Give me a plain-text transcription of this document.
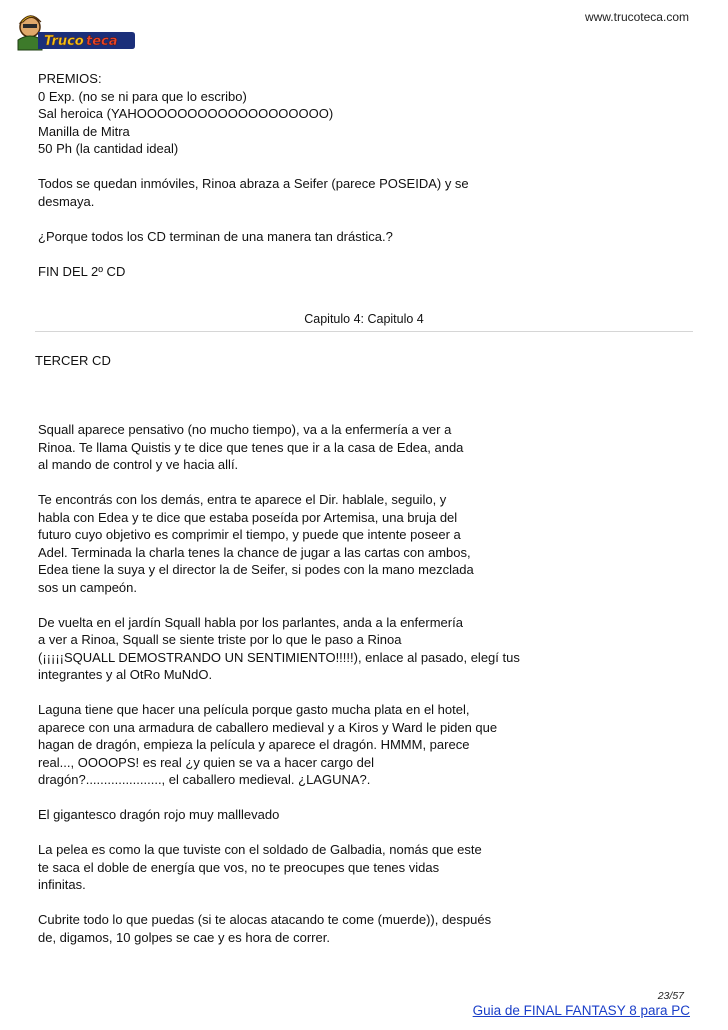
www.trucoteca.com
Truco teca
PREMIOS:
0 Exp. (no se ni para que lo escribo)
Sal heroica (YAHOOOOOOOOOOOOOOOOOOO)
Manilla de Mitra
50 Ph (la cantidad ideal)
Todos se quedan inmóviles, Rinoa abraza a Seifer (parece POSEIDA) y se
desmaya.
¿Porque todos los CD terminan de una manera tan drástica.?
FIN DEL 2º CD
Capitulo 4: Capitulo 4
TERCER CD
Squall aparece pensativo (no mucho tiempo), va a la enfermería a ver a
Rinoa. Te llama Quistis y te dice que tenes que ir a la casa de Edea, anda
al mando de control y ve hacia allí.
Te encontrás con los demás, entra te aparece el Dir. hablale, seguilo, y
habla con Edea y te dice que estaba poseída por Artemisa, una bruja del
futuro cuyo objetivo es comprimir el tiempo, y puede que intente poseer a
Adel. Terminada la charla tenes la chance de jugar a las cartas con ambos,
Edea tiene la suya y el director la de Seifer, si podes con la mano mezclada
sos un campeón.
De vuelta en el jardín Squall habla por los parlantes, anda a la enfermería
a ver a Rinoa, Squall se siente triste por lo que le paso a Rinoa
(¡¡¡¡¡SQUALL DEMOSTRANDO UN SENTIMIENTO!!!!!), enlace al pasado, elegí tus
integrantes y al OtRo MuNdO.
Laguna tiene que hacer una película porque gasto mucha plata en el hotel,
aparece con una armadura de caballero medieval y a Kiros y Ward le piden que
hagan de dragón, empieza la película y aparece el dragón. HMMM, parece
real..., OOOOPS! es real ¿y quien se va a hacer cargo del
dragón?....................., el caballero medieval. ¿LAGUNA?.
El gigantesco dragón rojo muy malllevado
La pelea es como la que tuviste con el soldado de Galbadia, nomás que este
te saca el doble de energía que vos, no te preocupes que tenes vidas
infinitas.
Cubrite todo lo que puedas (si te alocas atacando te come (muerde)), después
de, digamos, 10 golpes se cae y es hora de correr.
23/57
Guia de FINAL FANTASY 8 para PC
